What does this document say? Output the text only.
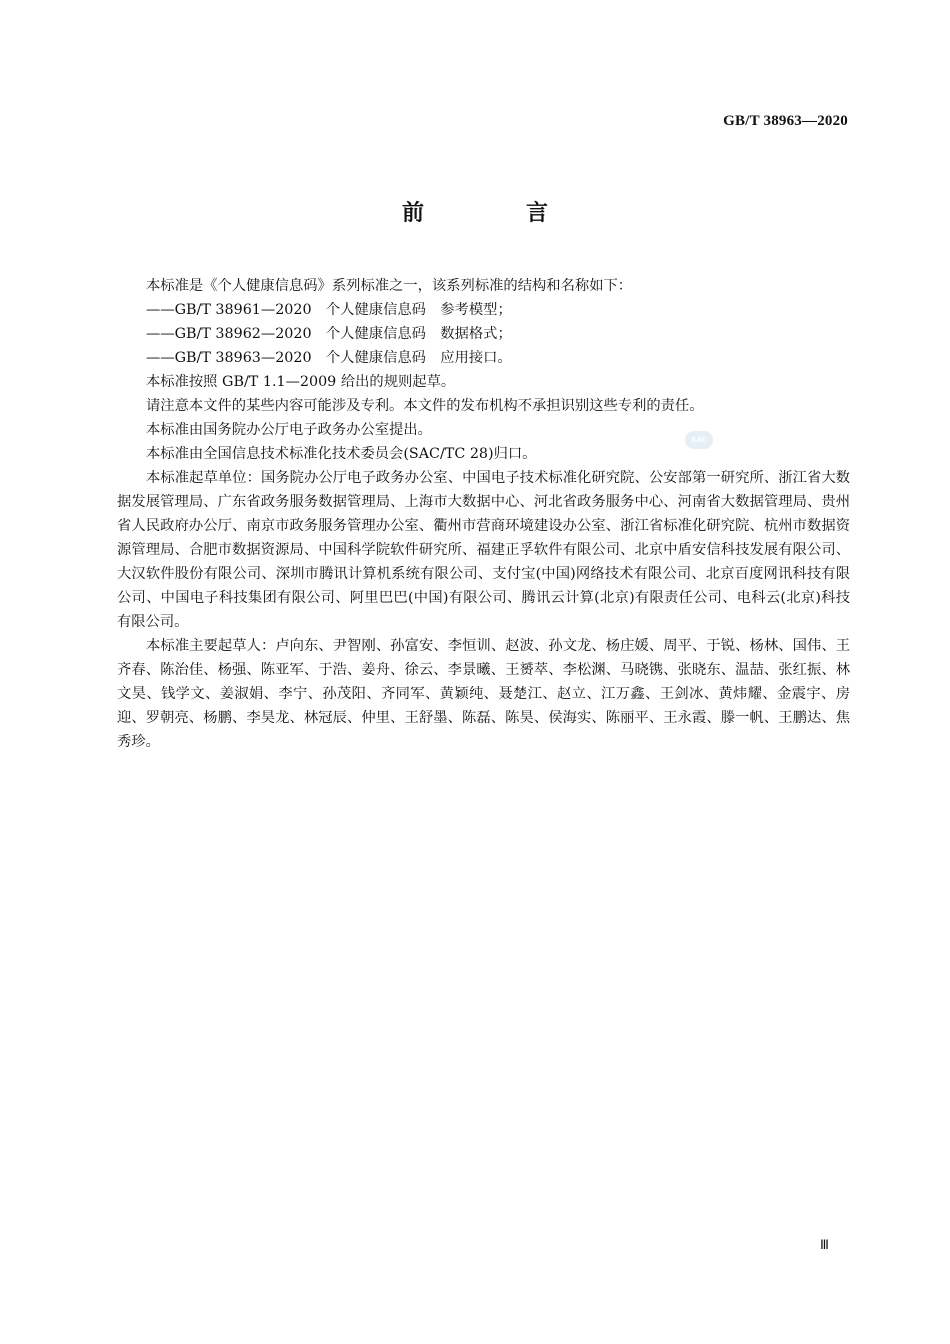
GB/T 38963—2020
前　言
SAC

本标准是《个人健康信息码》系列标准之一，该系列标准的结构和名称如下：

——GB/T 38961—2020　个人健康信息码　参考模型；

——GB/T 38962—2020　个人健康信息码　数据格式；

——GB/T 38963—2020　个人健康信息码　应用接口。

本标准按照 GB/T 1.1—2009 给出的规则起草。

请注意本文件的某些内容可能涉及专利。本文件的发布机构不承担识别这些专利的责任。

本标准由国务院办公厅电子政务办公室提出。

本标准由全国信息技术标准化技术委员会(SAC/TC 28)归口。

本标准起草单位：国务院办公厅电子政务办公室、中国电子技术标准化研究院、公安部第一研究所、浙江省大数据发展管理局、广东省政务服务数据管理局、上海市大数据中心、河北省政务服务中心、河南省大数据管理局、贵州省人民政府办公厅、南京市政务服务管理办公室、衢州市营商环境建设办公室、浙江省标准化研究院、杭州市数据资源管理局、合肥市数据资源局、中国科学院软件研究所、福建正孚软件有限公司、北京中盾安信科技发展有限公司、大汉软件股份有限公司、深圳市腾讯计算机系统有限公司、支付宝(中国)网络技术有限公司、北京百度网讯科技有限公司、中国电子科技集团有限公司、阿里巴巴(中国)有限公司、腾讯云计算(北京)有限责任公司、电科云(北京)科技有限公司。

本标准主要起草人：卢向东、尹智刚、孙富安、李恒训、赵波、孙文龙、杨庄媛、周平、于锐、杨林、国伟、王齐春、陈治佳、杨强、陈亚军、于浩、姜舟、徐云、李景曦、王赟萃、李松渊、马晓镌、张晓东、温喆、张红振、林文昊、钱学文、姜淑娟、李宁、孙茂阳、齐同军、黄颖纯、聂楚江、赵立、江万鑫、王剑冰、黄炜耀、金震宇、房迎、罗朝亮、杨鹏、李昊龙、林冠辰、仲里、王舒墨、陈磊、陈昊、侯海实、陈丽平、王永霞、滕一帆、王鹏达、焦秀珍。

Ⅲ
